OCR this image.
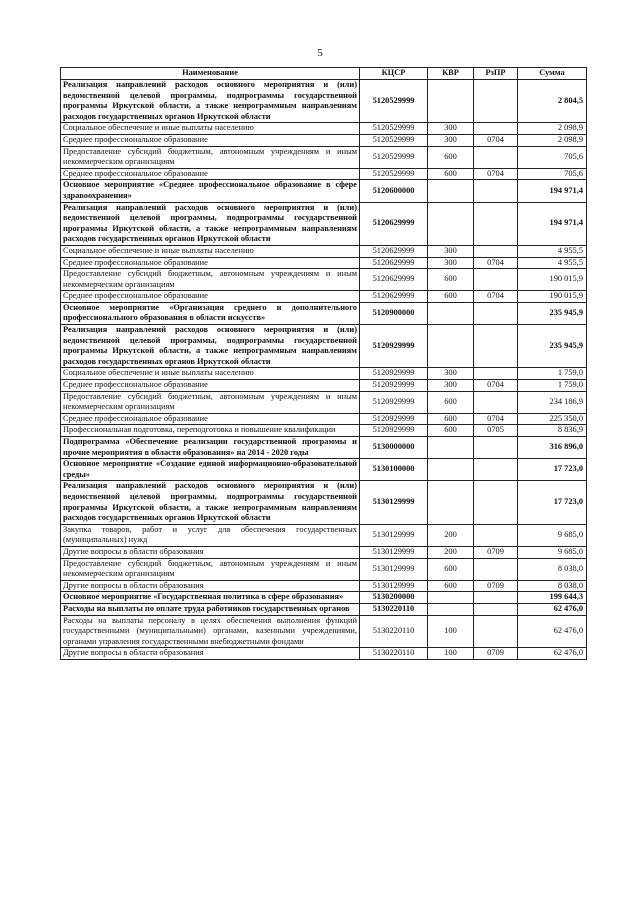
5
Наименование	КЦСР	КВР	РзПР	Сумма
Реализация направлений расходов основного мероприятия и (или) ведомственной целевой программы, подпрограммы государственной программы Иркутской области, а также непрограммным направлениям расходов государственных органов Иркутской области	5120529999			2 804,5
Социальное обеспечение и иные выплаты населению	5120529999	300		2 098,9
Среднее профессиональное образование	5120529999	300	0704	2 098,9
Предоставление субсидий бюджетным, автономным учреждениям и иным некоммерческим организациям	5120529999	600		705,6
Среднее профессиональное образование	5120529999	600	0704	705,6
Основное мероприятие «Среднее профессиональное образование в сфере здравоохранения»	5120600000			194 971,4
Реализация направлений расходов основного мероприятия и (или) ведомственной целевой программы, подпрограммы государственной программы Иркутской области, а также непрограммным направлениям расходов государственных органов Иркутской области	5120629999			194 971,4
Социальное обеспечение и иные выплаты населению	5120629999	300		4 955,5
Среднее профессиональное образование	5120629999	300	0704	4 955,5
Предоставление субсидий бюджетным, автономным учреждениям и иным некоммерческим организациям	5120629999	600		190 015,9
Среднее профессиональное образование	5120629999	600	0704	190 015,9
Основное мероприятие «Организация среднего и дополнительного профессионального образования в области искусств»	5120900000			235 945,9
Реализация направлений расходов основного мероприятия и (или) ведомственной целевой программы, подпрограммы государственной программы Иркутской области, а также непрограммным направлениям расходов государственных органов Иркутской области	5120929999			235 945,9
Социальное обеспечение и иные выплаты населению	5120929999	300		1 759,0
Среднее профессиональное образование	5120929999	300	0704	1 759,0
Предоставление субсидий бюджетным, автономным учреждениям и иным некоммерческим организациям	5120929999	600		234 186,9
Среднее профессиональное образование	5120929999	600	0704	225 350,0
Профессиональная подготовка, переподготовка и повышение квалификации	5120929999	600	0705	8 836,9
Подпрограмма «Обеспечение реализации государственной программы и прочие мероприятия в области образования» на 2014 - 2020 годы	5130000000			316 896,0
Основное мероприятие «Создание единой информационно-образовательной среды»	5130100000			17 723,0
Реализация направлений расходов основного мероприятия и (или) ведомственной целевой программы, подпрограммы государственной программы Иркутской области, а также непрограммным направлениям расходов государственных органов Иркутской области	5130129999			17 723,0
Закупка товаров, работ и услуг для обеспечения государственных (муниципальных) нужд	5130129999	200		9 685,0
Другие вопросы в области образования	5130129999	200	0709	9 685,0
Предоставление субсидий бюджетным, автономным учреждениям и иным некоммерческим организациям	5130129999	600		8 038,0
Другие вопросы в области образования	5130129999	600	0709	8 038,0
Основное мероприятие «Государственная политика в сфере образования»	5130200000			199 644,3
Расходы на выплаты по оплате труда работников государственных органов	5130220110			62 476,0
Расходы на выплаты персоналу в целях обеспечения выполнения функций государственными (муниципальными) органами, казенными учреждениями, органами управления государственными внебюджетными фондами	5130220110	100		62 476,0
Другие вопросы в области образования	5130220110	100	0709	62 476,0
